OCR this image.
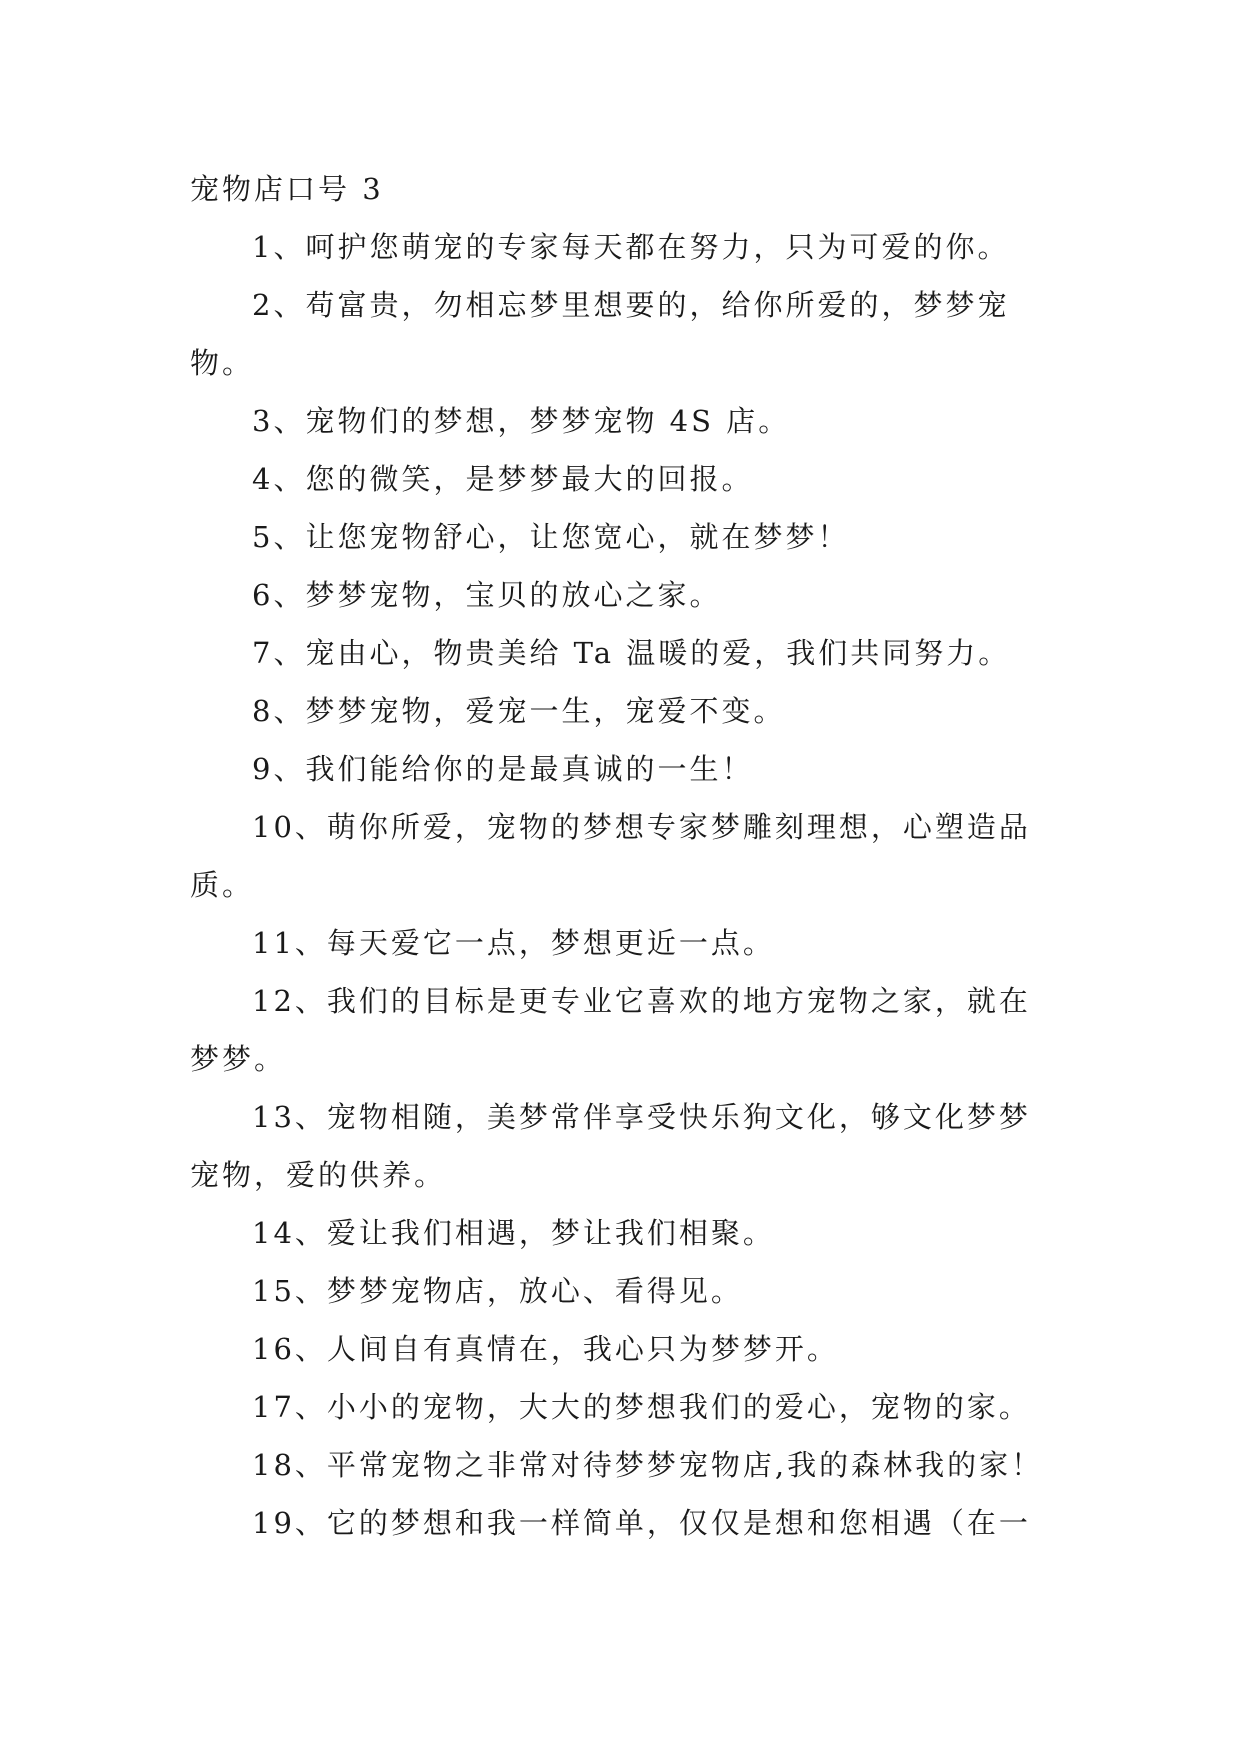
宠物店口号 3

1、呵护您萌宠的专家每天都在努力，只为可爱的你。

2、苟富贵，勿相忘梦里想要的，给你所爱的，梦梦宠物。

3、宠物们的梦想，梦梦宠物 4S 店。

4、您的微笑，是梦梦最大的回报。

5、让您宠物舒心，让您宽心，就在梦梦！

6、梦梦宠物，宝贝的放心之家。

7、宠由心，物贵美给 Ta 温暖的爱，我们共同努力。

8、梦梦宠物，爱宠一生，宠爱不变。

9、我们能给你的是最真诚的一生！

10、萌你所爱，宠物的梦想专家梦雕刻理想，心塑造品质。

11、每天爱它一点，梦想更近一点。

12、我们的目标是更专业它喜欢的地方宠物之家，就在梦梦。

13、宠物相随，美梦常伴享受快乐狗文化，够文化梦梦宠物，爱的供养。

14、爱让我们相遇，梦让我们相聚。

15、梦梦宠物店，放心、看得见。

16、人间自有真情在，我心只为梦梦开。

17、小小的宠物，大大的梦想我们的爱心，宠物的家。

18、平常宠物之非常对待梦梦宠物店,我的森林我的家！

19、它的梦想和我一样简单，仅仅是想和您相遇（在一
